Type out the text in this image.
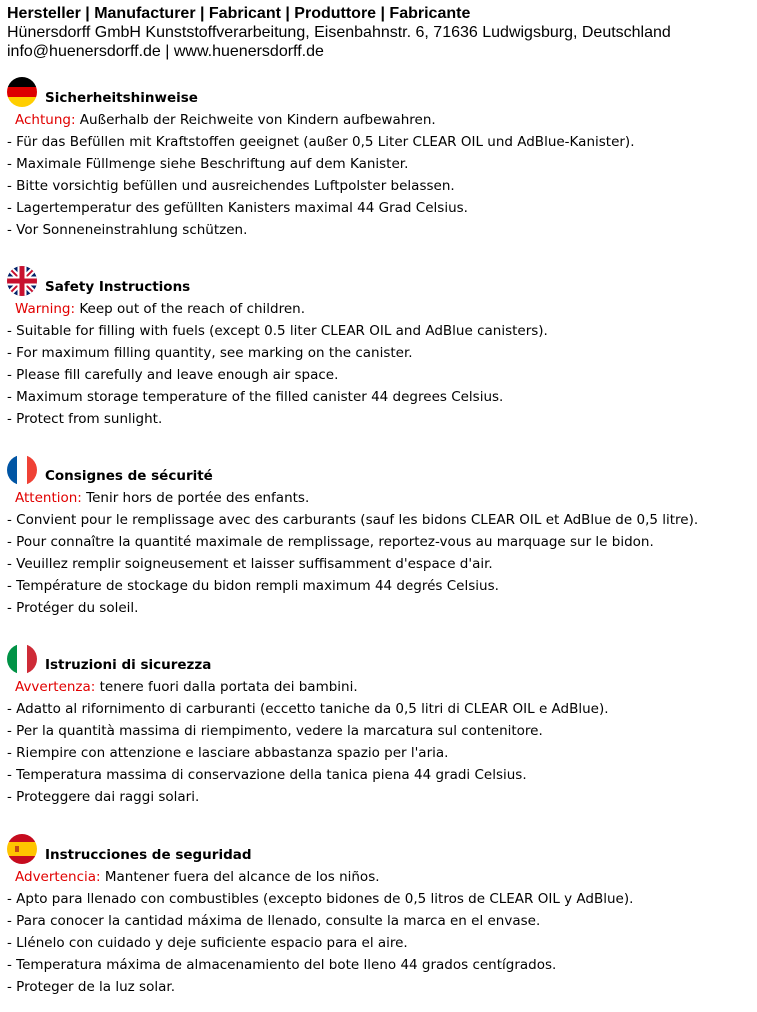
Hersteller | Manufacturer | Fabricant | Produttore | Fabricante
Hünersdorff GmbH Kunststoffverarbeitung, Eisenbahnstr. 6, 71636 Ludwigsburg, Deutschland
info@huenersdorff.de | www.huenersdorff.de
Sicherheitshinweise
Achtung: Außerhalb der Reichweite von Kindern aufbewahren.
- Für das Befüllen mit Kraftstoffen geeignet (außer 0,5 Liter CLEAR OIL und AdBlue-Kanister).
- Maximale Füllmenge siehe Beschriftung auf dem Kanister.
- Bitte vorsichtig befüllen und ausreichendes Luftpolster belassen.
- Lagertemperatur des gefüllten Kanisters maximal 44 Grad Celsius.
- Vor Sonneneinstrahlung schützen.
Safety Instructions
Warning: Keep out of the reach of children.
- Suitable for filling with fuels (except 0.5 liter CLEAR OIL and AdBlue canisters).
- For maximum filling quantity, see marking on the canister.
- Please fill carefully and leave enough air space.
- Maximum storage temperature of the filled canister 44 degrees Celsius.
- Protect from sunlight.
Consignes de sécurité
Attention: Tenir hors de portée des enfants.
- Convient pour le remplissage avec des carburants (sauf les bidons CLEAR OIL et AdBlue de 0,5 litre).
- Pour connaître la quantité maximale de remplissage, reportez-vous au marquage sur le bidon.
- Veuillez remplir soigneusement et laisser suffisamment d'espace d'air.
- Température de stockage du bidon rempli maximum 44 degrés Celsius.
- Protéger du soleil.
Istruzioni di sicurezza
Avvertenza: tenere fuori dalla portata dei bambini.
- Adatto al rifornimento di carburanti (eccetto taniche da 0,5 litri di CLEAR OIL e AdBlue).
- Per la quantità massima di riempimento, vedere la marcatura sul contenitore.
- Riempire con attenzione e lasciare abbastanza spazio per l'aria.
- Temperatura massima di conservazione della tanica piena 44 gradi Celsius.
- Proteggere dai raggi solari.
Instrucciones de seguridad
Advertencia: Mantener fuera del alcance de los niños.
- Apto para llenado con combustibles (excepto bidones de 0,5 litros de CLEAR OIL y AdBlue).
- Para conocer la cantidad máxima de llenado, consulte la marca en el envase.
- Llénelo con cuidado y deje suficiente espacio para el aire.
- Temperatura máxima de almacenamiento del bote lleno 44 grados centígrados.
- Proteger de la luz solar.
